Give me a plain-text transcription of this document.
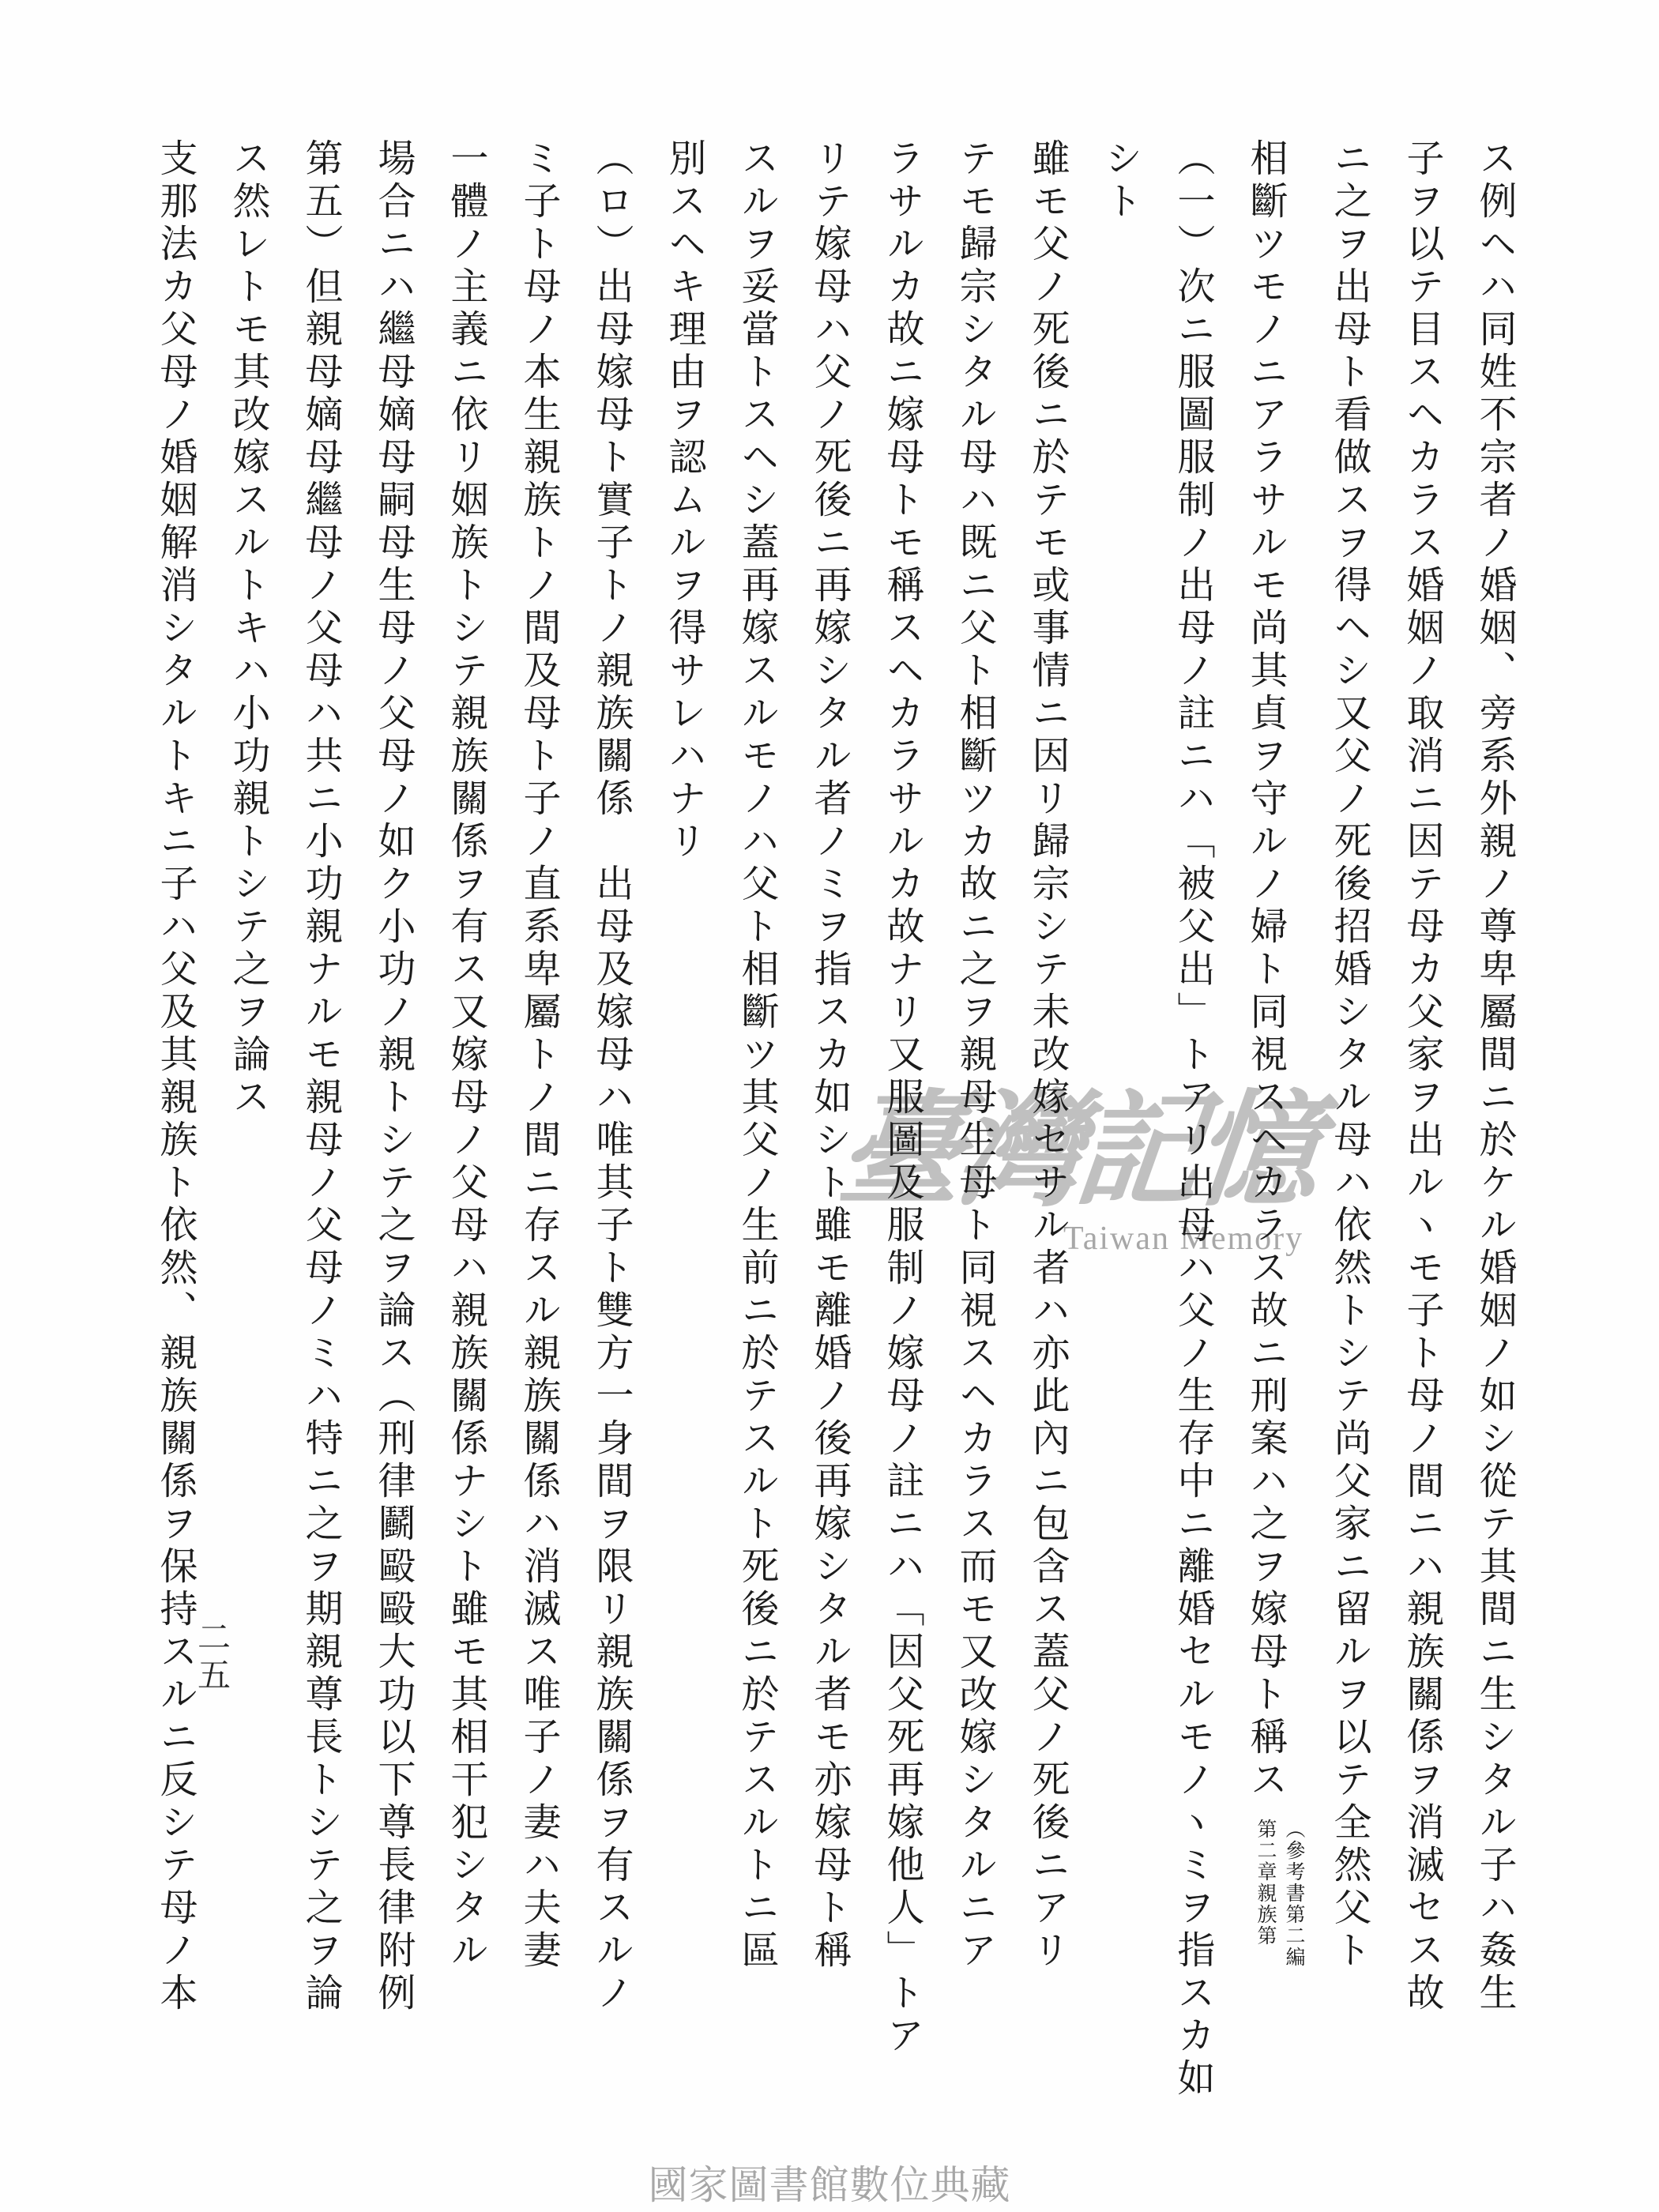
臺灣記憶
Taiwan Memory	ス例ヘハ同姓不宗者ノ婚姻、旁系外親ノ尊卑屬間ニ於ケル婚姻ノ如シ從テ其間ニ生シタル子ハ姦生
子ヲ以テ目スヘカラス婚姻ノ取消ニ因テ母カ父家ヲ出ルヽモ子ト母ノ間ニハ親族關係ヲ消滅セス故
ニ之ヲ出母ト看做スヲ得ヘシ又父ノ死後招婚シタル母ハ依然トシテ尚父家ニ留ルヲ以テ全然父ト
相斷ツモノニアラサルモ尚其貞ヲ守ルノ婦ト同視スヘカラス故ニ刑案ハ之ヲ嫁母ト稱ス
（參考書第二編
第二章親族第
（一）次ニ服圖服制ノ出母ノ註ニハ「被父出」トアリ出母ハ父ノ生存中ニ離婚セルモノヽミヲ指スカ如シト
雖モ父ノ死後ニ於テモ或事情ニ因リ歸宗シテ未改嫁セサル者ハ亦此內ニ包含ス蓋父ノ死後ニアリ
テモ歸宗シタル母ハ既ニ父ト相斷ツカ故ニ之ヲ親母生母ト同視スヘカラス而モ又改嫁シタルニア
ラサルカ故ニ嫁母トモ稱スヘカラサルカ故ナリ又服圖及服制ノ嫁母ノ註ニハ「因父死再嫁他人」トア
リテ嫁母ハ父ノ死後ニ再嫁シタル者ノミヲ指スカ如シト雖モ離婚ノ後再嫁シタル者モ亦嫁母ト稱
スルヲ妥當トスヘシ蓋再嫁スルモノハ父ト相斷ツ其父ノ生前ニ於テスルト死後ニ於テスルトニ區
別スヘキ理由ヲ認ムルヲ得サレハナリ
（ロ）出母嫁母ト實子トノ親族關係　出母及嫁母ハ唯其子ト雙方一身間ヲ限リ親族關係ヲ有スルノ
ミ子ト母ノ本生親族トノ間及母ト子ノ直系卑屬トノ間ニ存スル親族關係ハ消滅ス唯子ノ妻ハ夫妻
一體ノ主義ニ依リ姻族トシテ親族關係ヲ有ス又嫁母ノ父母ハ親族關係ナシト雖モ其相干犯シタル
場合ニハ繼母嫡母嗣母生母ノ父母ノ如ク小功ノ親トシテ之ヲ論ス（刑律鬬毆毆大功以下尊長律附例
第五）但親母嫡母繼母ノ父母ハ共ニ小功親ナルモ親母ノ父母ノミハ特ニ之ヲ期親尊長トシテ之ヲ論
ス然レトモ其改嫁スルトキハ小功親トシテ之ヲ論ス
支那法カ父母ノ婚姻解消シタルトキニ子ハ父及其親族ト依然、親族關係ヲ保持スルニ反シテ母ノ本
二五
國家圖書館數位典藏
